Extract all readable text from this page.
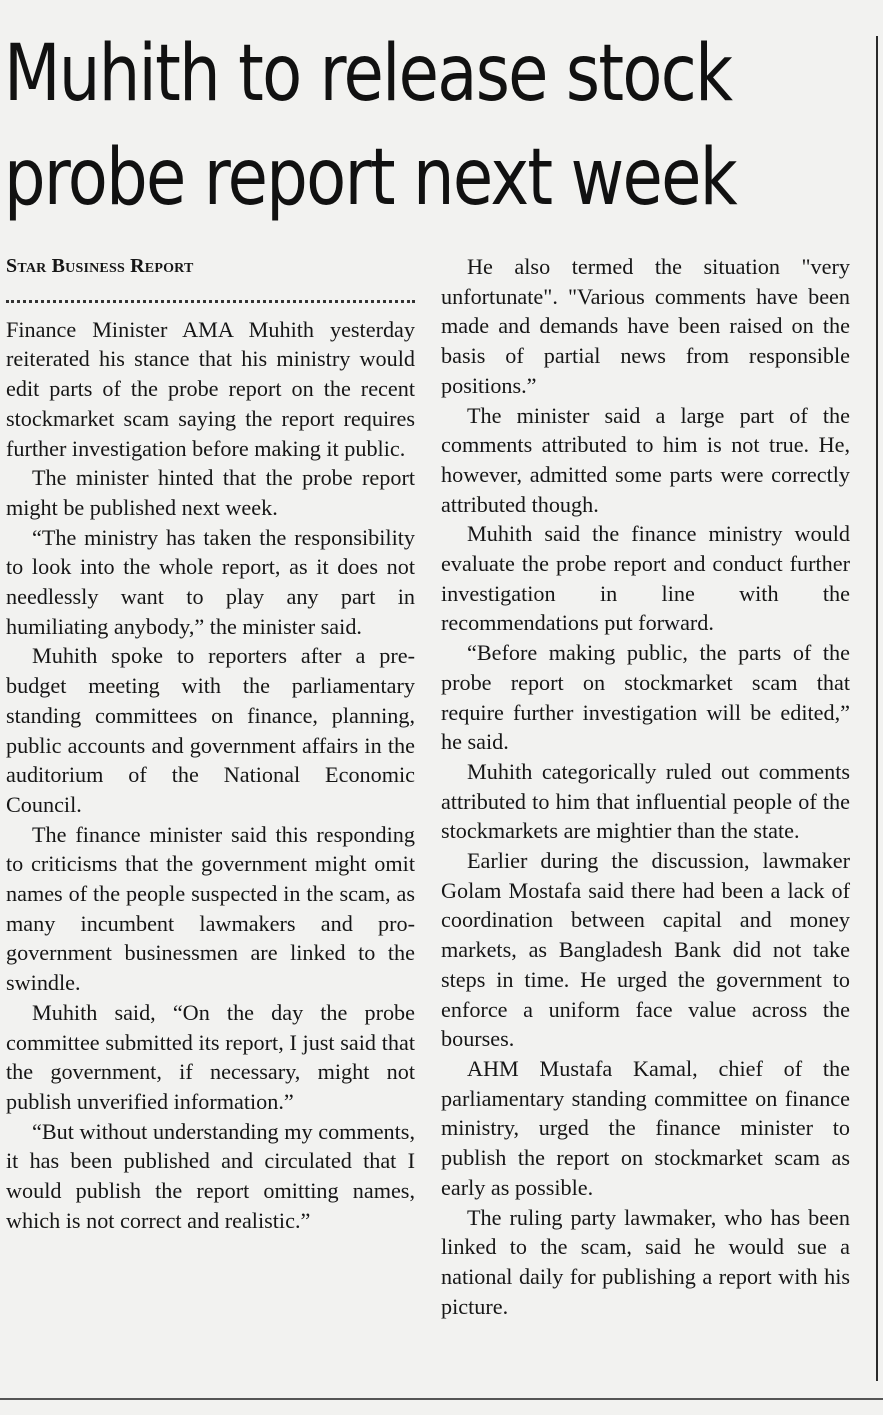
Muhith to release stock
probe report next week
Star Business Report

Finance Minister AMA Muhith yesterday reiterated his stance that his ministry would edit parts of the probe report on the recent stockmarket scam saying the report requires further investigation before making it public.

The minister hinted that the probe report might be published next week.

“The ministry has taken the responsibility to look into the whole report, as it does not needlessly want to play any part in humiliating anybody,” the minister said.

Muhith spoke to reporters after a pre-budget meeting with the parliamentary standing committees on finance, planning, public accounts and government affairs in the auditorium of the National Economic Council.

The finance minister said this responding to criticisms that the government might omit names of the people suspected in the scam, as many incumbent lawmakers and pro-government businessmen are linked to the swindle.

Muhith said, “On the day the probe committee submitted its report, I just said that the government, if necessary, might not publish unverified information.”

“But without understanding my comments, it has been published and circulated that I would publish the report omitting names, which is not correct and realistic.”

He also termed the situation "very unfortunate". "Various comments have been made and demands have been raised on the basis of partial news from responsible positions.”

The minister said a large part of the comments attributed to him is not true. He, however, admitted some parts were correctly attributed though.

Muhith said the finance ministry would evaluate the probe report and conduct further investigation in line with the recommendations put forward.

“Before making public, the parts of the probe report on stockmarket scam that require further investigation will be edited,” he said.

Muhith categorically ruled out comments attributed to him that influential people of the stockmarkets are mightier than the state.

Earlier during the discussion, lawmaker Golam Mostafa said there had been a lack of coordination between capital and money markets, as Bangladesh Bank did not take steps in time. He urged the government to enforce a uniform face value across the bourses.

AHM Mustafa Kamal, chief of the parliamentary standing committee on finance ministry, urged the finance minister to publish the report on stockmarket scam as early as possible.

The ruling party lawmaker, who has been linked to the scam, said he would sue a national daily for publishing a report with his picture.
